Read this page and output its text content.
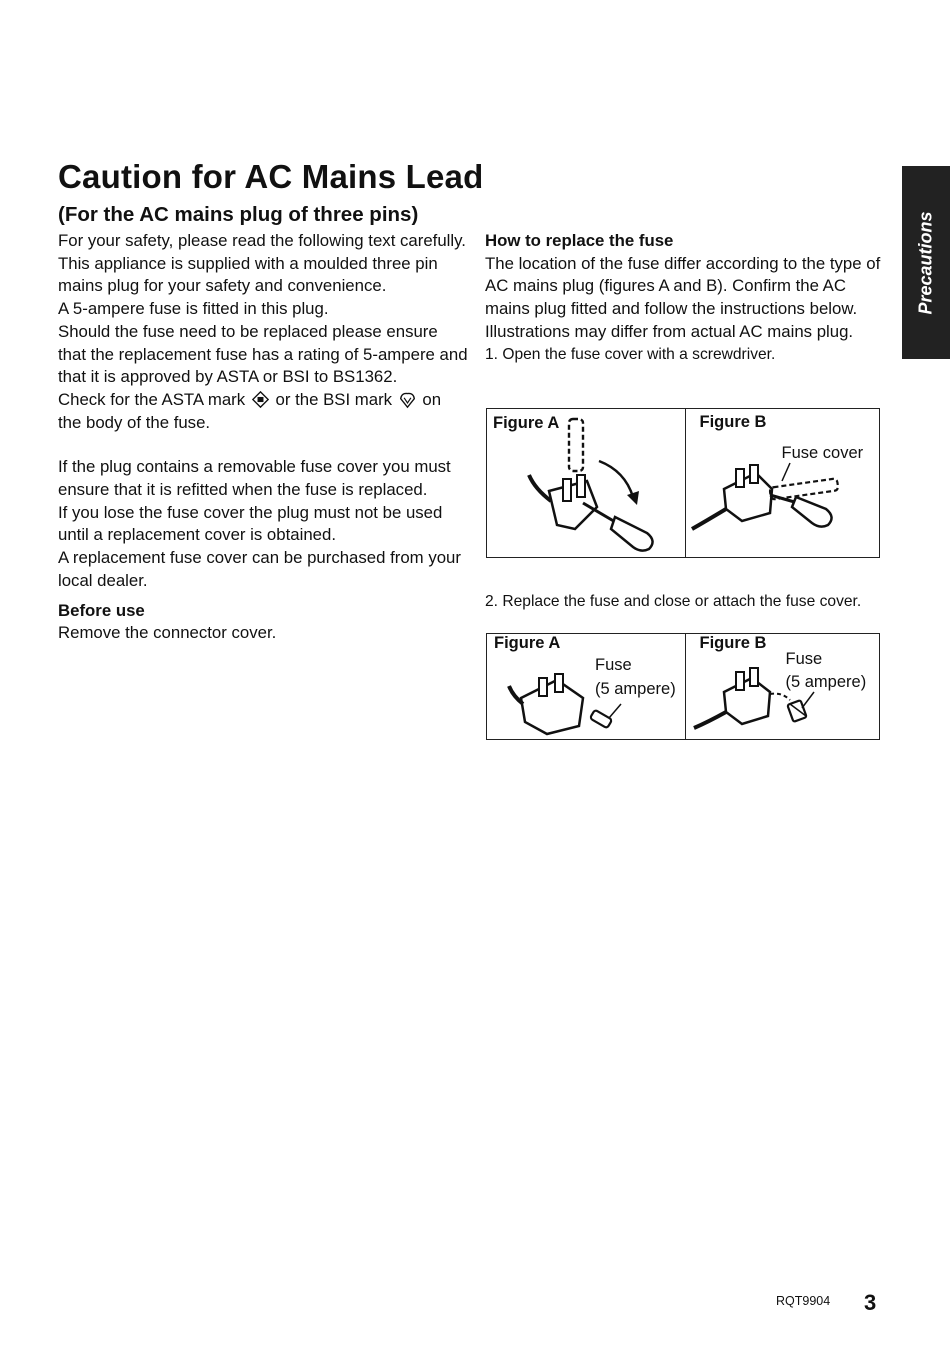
Caution for AC Mains Lead
(For the AC mains plug of three pins)	Precautions

For your safety, please read the following text carefully.

This appliance is supplied with a moulded three pin mains plug for your safety and convenience.

A 5-ampere fuse is fitted in this plug.

Should the fuse need to be replaced please ensure that the replacement fuse has a rating of 5-ampere and that it is approved by ASTA or BSI to BS1362.

Check for the ASTA mark or the BSI mark on the body of the fuse.

If the plug contains a removable fuse cover you must ensure that it is refitted when the fuse is replaced.

If you lose the fuse cover the plug must not be used until a replacement cover is obtained.

A replacement fuse cover can be purchased from your local dealer.

Before use

Remove the connector cover.

How to replace the fuse

The location of the fuse differ according to the type of AC mains plug (figures A and B). Confirm the AC mains plug fitted and follow the instructions below.

Illustrations may differ from actual AC mains plug.

1. Open the fuse cover with a screwdriver.

Figure A	Figure B
Fuse cover

2. Replace the fuse and close or attach the fuse cover.

Figure A
Fuse
(5 ampere)
Figure B
Fuse
(5 ampere)
RQT9904 3
